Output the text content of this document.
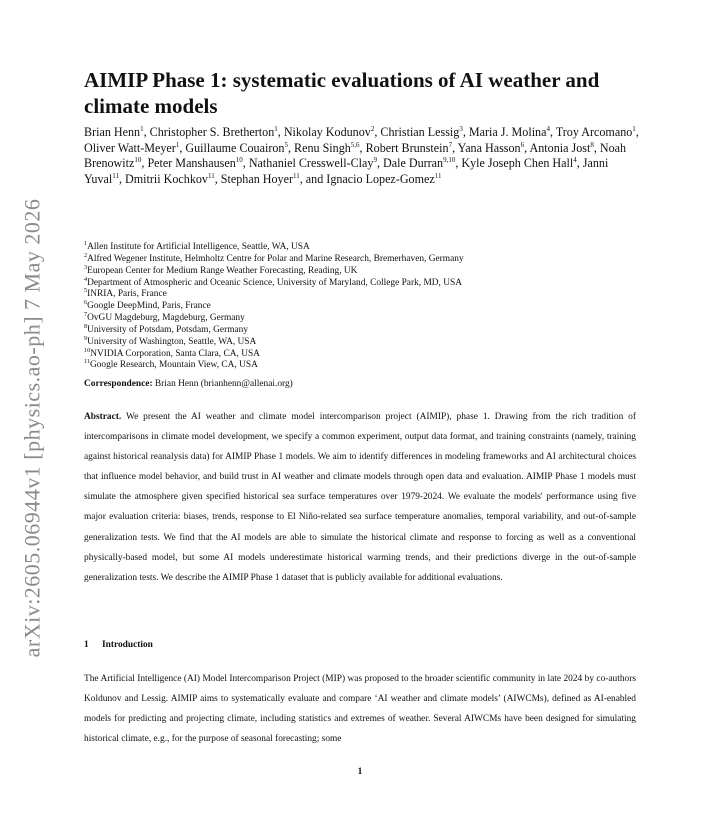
arXiv:2605.06944v1 [physics.ao-ph] 7 May 2026
AIMIP Phase 1: systematic evaluations of AI weather and climate models
Brian Henn$^1$, Christopher S. Bretherton$^1$, Nikolay Kodunov$^2$, Christian Lessig$^3$, Maria J. Molina$^4$, Troy Arcomano$^1$, Oliver Watt-Meyer$^1$, Guillaume Couairon$^5$, Renu Singh$^{5,6}$, Robert Brunstein$^7$, Yana Hasson$^6$, Antonia Jost$^8$, Noah Brenowitz$^{10}$, Peter Manshausen$^{10}$, Nathaniel Cresswell-Clay$^9$, Dale Durran$^{9,10}$, Kyle Joseph Chen Hall$^4$, Janni Yuval$^{11}$, Dmitrii Kochkov$^{11}$, Stephan Hoyer$^{11}$, and Ignacio Lopez-Gomez$^{11}$
$^1$Allen Institute for Artificial Intelligence, Seattle, WA, USA
$^2$Alfred Wegener Institute, Helmholtz Centre for Polar and Marine Research, Bremerhaven, Germany
$^3$European Center for Medium Range Weather Forecasting, Reading, UK
$^4$Department of Atmospheric and Oceanic Science, University of Maryland, College Park, MD, USA
$^5$INRIA, Paris, France
$^6$Google DeepMind, Paris, France
$^7$OvGU Magdeburg, Magdeburg, Germany
$^8$University of Potsdam, Potsdam, Germany
$^9$University of Washington, Seattle, WA, USA
$^{10}$NVIDIA Corporation, Santa Clara, CA, USA
$^{11}$Google Research, Mountain View, CA, USA
Correspondence: Brian Henn (brianhenn@allenai.org)

Abstract. We present the AI weather and climate model intercomparison project (AIMIP), phase 1. Drawing from the rich tradition of intercomparisons in climate model development, we specify a common experiment, output data format, and training constraints (namely, training against historical reanalysis data) for AIMIP Phase 1 models. We aim to identify differences in modeling frameworks and AI architectural choices that influence model behavior, and build trust in AI weather and climate models through open data and evaluation. AIMIP Phase 1 models must simulate the atmosphere given specified historical sea surface temperatures over 1979-2024. We evaluate the models' performance using five major evaluation criteria: biases, trends, response to El Niño-related sea surface temperature anomalies, temporal variability, and out-of-sample generalization tests. We find that the AI models are able to simulate the historical climate and response to forcing as well as a conventional physically-based model, but some AI models underestimate historical warming trends, and their predictions diverge in the out-of-sample generalization tests. We describe the AIMIP Phase 1 dataset that is publicly available for additional evaluations.

1 Introduction

The Artificial Intelligence (AI) Model Intercomparison Project (MIP) was proposed to the broader scientific community in late 2024 by co-authors Koldunov and Lessig. AIMIP aims to systematically evaluate and compare ‘AI weather and climate models’ (AIWCMs), defined as AI-enabled models for predicting and projecting climate, including statistics and extremes of weather. Several AIWCMs have been designed for simulating historical climate, e.g., for the purpose of seasonal forecasting; some

1
